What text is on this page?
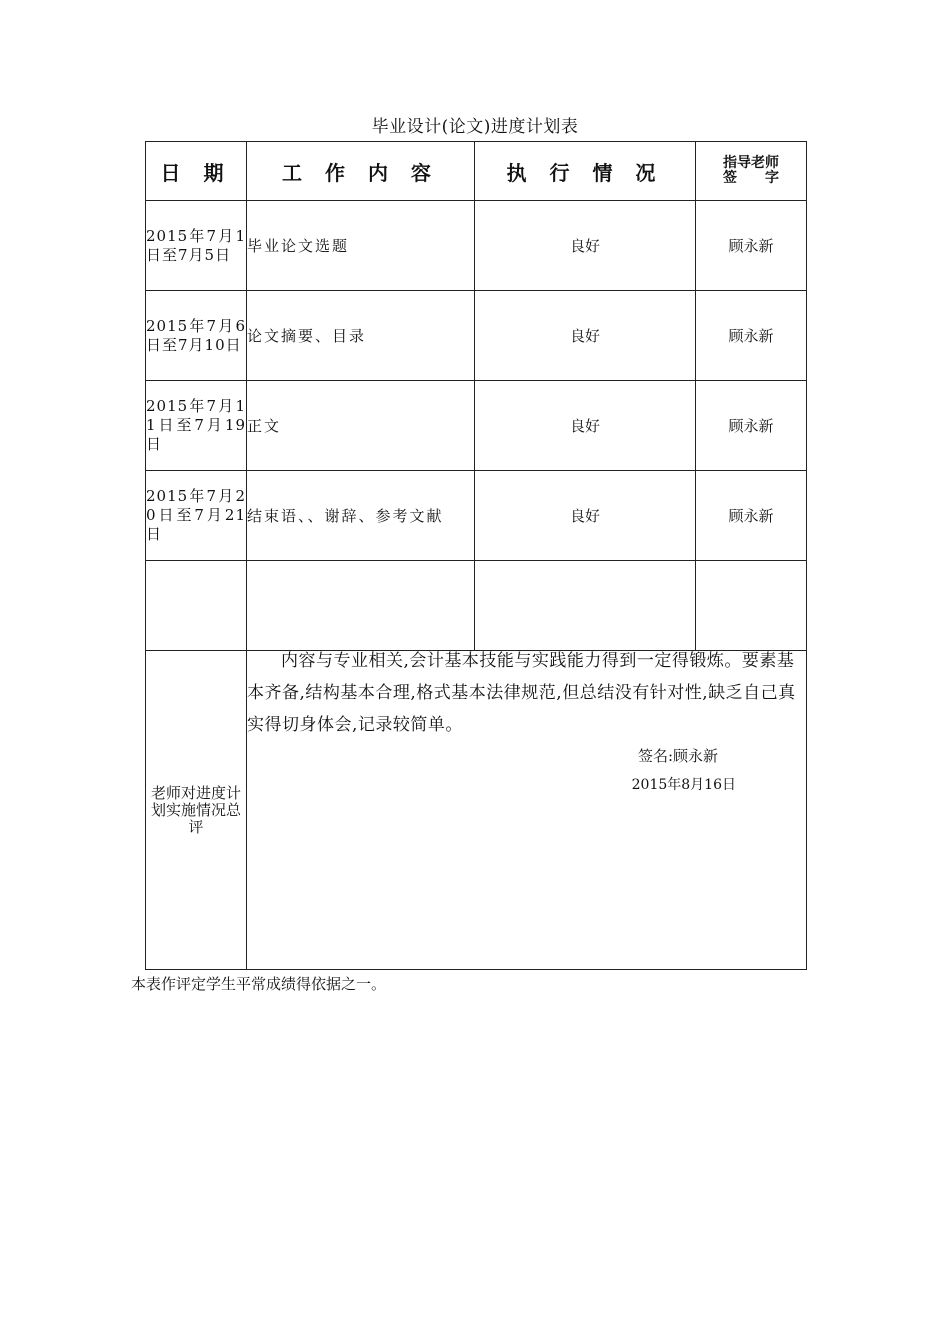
毕业设计(论文)进度计划表
日 期	工 作 内 容	执 行 情 况	指导老师
签　　字

2015年7月1日至7月5日	毕业论文选题	良好	顾永新
2015年7月6日至7月10日	论文摘要、目录	良好	顾永新
2015年7月11日至7月19日	正文	良好	顾永新
2015年7月20日至7月21日	结束语、、谢辞、参考文献	良好	顾永新

老师对进度计划实施情况总评	内容与专业相关,会计基本技能与实践能力得到一定得锻炼。要素基本齐备,结构基本合理,格式基本法律规范,但总结没有针对性,缺乏自己真实得切身体会,记录较简单。
签名:顾永新
2015年8月16日		
本表作评定学生平常成绩得依据之一。
